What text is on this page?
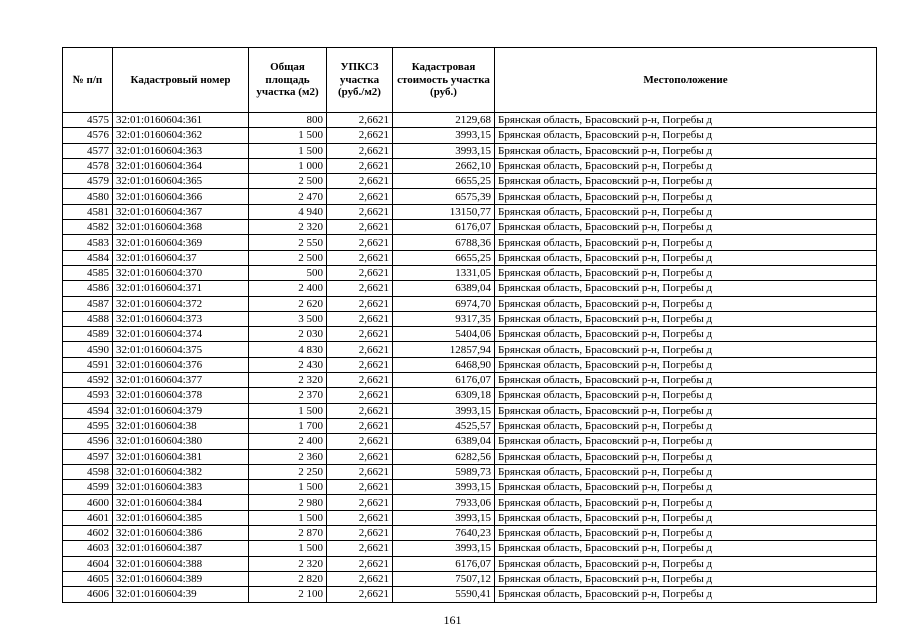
№ п/п	Кадастровый номер	Общая площадь участка (м2)	УПКСЗ участка (руб./м2)	Кадастровая стоимость участка (руб.)	Местоположение
4575	32:01:0160604:361	800	2,6621	2129,68	Брянская область, Брасовский р-н, Погребы д
4576	32:01:0160604:362	1 500	2,6621	3993,15	Брянская область, Брасовский р-н, Погребы д
4577	32:01:0160604:363	1 500	2,6621	3993,15	Брянская область, Брасовский р-н, Погребы д
4578	32:01:0160604:364	1 000	2,6621	2662,10	Брянская область, Брасовский р-н, Погребы д
4579	32:01:0160604:365	2 500	2,6621	6655,25	Брянская область, Брасовский р-н, Погребы д
4580	32:01:0160604:366	2 470	2,6621	6575,39	Брянская область, Брасовский р-н, Погребы д
4581	32:01:0160604:367	4 940	2,6621	13150,77	Брянская область, Брасовский р-н, Погребы д
4582	32:01:0160604:368	2 320	2,6621	6176,07	Брянская область, Брасовский р-н, Погребы д
4583	32:01:0160604:369	2 550	2,6621	6788,36	Брянская область, Брасовский р-н, Погребы д
4584	32:01:0160604:37	2 500	2,6621	6655,25	Брянская область, Брасовский р-н, Погребы д
4585	32:01:0160604:370	500	2,6621	1331,05	Брянская область, Брасовский р-н, Погребы д
4586	32:01:0160604:371	2 400	2,6621	6389,04	Брянская область, Брасовский р-н, Погребы д
4587	32:01:0160604:372	2 620	2,6621	6974,70	Брянская область, Брасовский р-н, Погребы д
4588	32:01:0160604:373	3 500	2,6621	9317,35	Брянская область, Брасовский р-н, Погребы д
4589	32:01:0160604:374	2 030	2,6621	5404,06	Брянская область, Брасовский р-н, Погребы д
4590	32:01:0160604:375	4 830	2,6621	12857,94	Брянская область, Брасовский р-н, Погребы д
4591	32:01:0160604:376	2 430	2,6621	6468,90	Брянская область, Брасовский р-н, Погребы д
4592	32:01:0160604:377	2 320	2,6621	6176,07	Брянская область, Брасовский р-н, Погребы д
4593	32:01:0160604:378	2 370	2,6621	6309,18	Брянская область, Брасовский р-н, Погребы д
4594	32:01:0160604:379	1 500	2,6621	3993,15	Брянская область, Брасовский р-н, Погребы д
4595	32:01:0160604:38	1 700	2,6621	4525,57	Брянская область, Брасовский р-н, Погребы д
4596	32:01:0160604:380	2 400	2,6621	6389,04	Брянская область, Брасовский р-н, Погребы д
4597	32:01:0160604:381	2 360	2,6621	6282,56	Брянская область, Брасовский р-н, Погребы д
4598	32:01:0160604:382	2 250	2,6621	5989,73	Брянская область, Брасовский р-н, Погребы д
4599	32:01:0160604:383	1 500	2,6621	3993,15	Брянская область, Брасовский р-н, Погребы д
4600	32:01:0160604:384	2 980	2,6621	7933,06	Брянская область, Брасовский р-н, Погребы д
4601	32:01:0160604:385	1 500	2,6621	3993,15	Брянская область, Брасовский р-н, Погребы д
4602	32:01:0160604:386	2 870	2,6621	7640,23	Брянская область, Брасовский р-н, Погребы д
4603	32:01:0160604:387	1 500	2,6621	3993,15	Брянская область, Брасовский р-н, Погребы д
4604	32:01:0160604:388	2 320	2,6621	6176,07	Брянская область, Брасовский р-н, Погребы д
4605	32:01:0160604:389	2 820	2,6621	7507,12	Брянская область, Брасовский р-н, Погребы д
4606	32:01:0160604:39	2 100	2,6621	5590,41	Брянская область, Брасовский р-н, Погребы д
161
